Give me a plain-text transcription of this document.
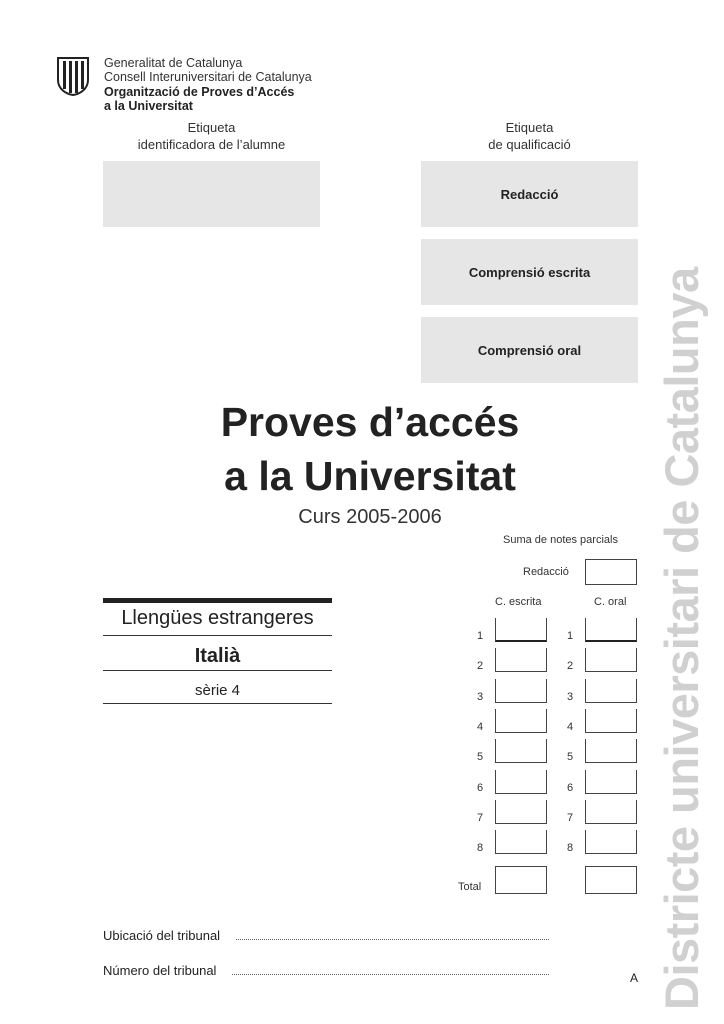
Generalitat de Catalunya
Consell Interuniversitari de Catalunya
Organització de Proves d’Accés
a la Universitat
Etiqueta
identificadora de l’alumne
Etiqueta
de qualificació
Redacció
Comprensió escrita
Comprensió oral
Proves d’accés
a la Universitat
Curs 2005-2006
Llengües estrangeres
Italià
sèrie 4
Suma de notes parcials
Redacció
C. escrita	C. oral
1	1
2	2
3	3
4	4
5	5
6	6
7	7
8	8
Total
Ubicació del tribunal
Número del tribunal	A Districte universitari de Catalunya
